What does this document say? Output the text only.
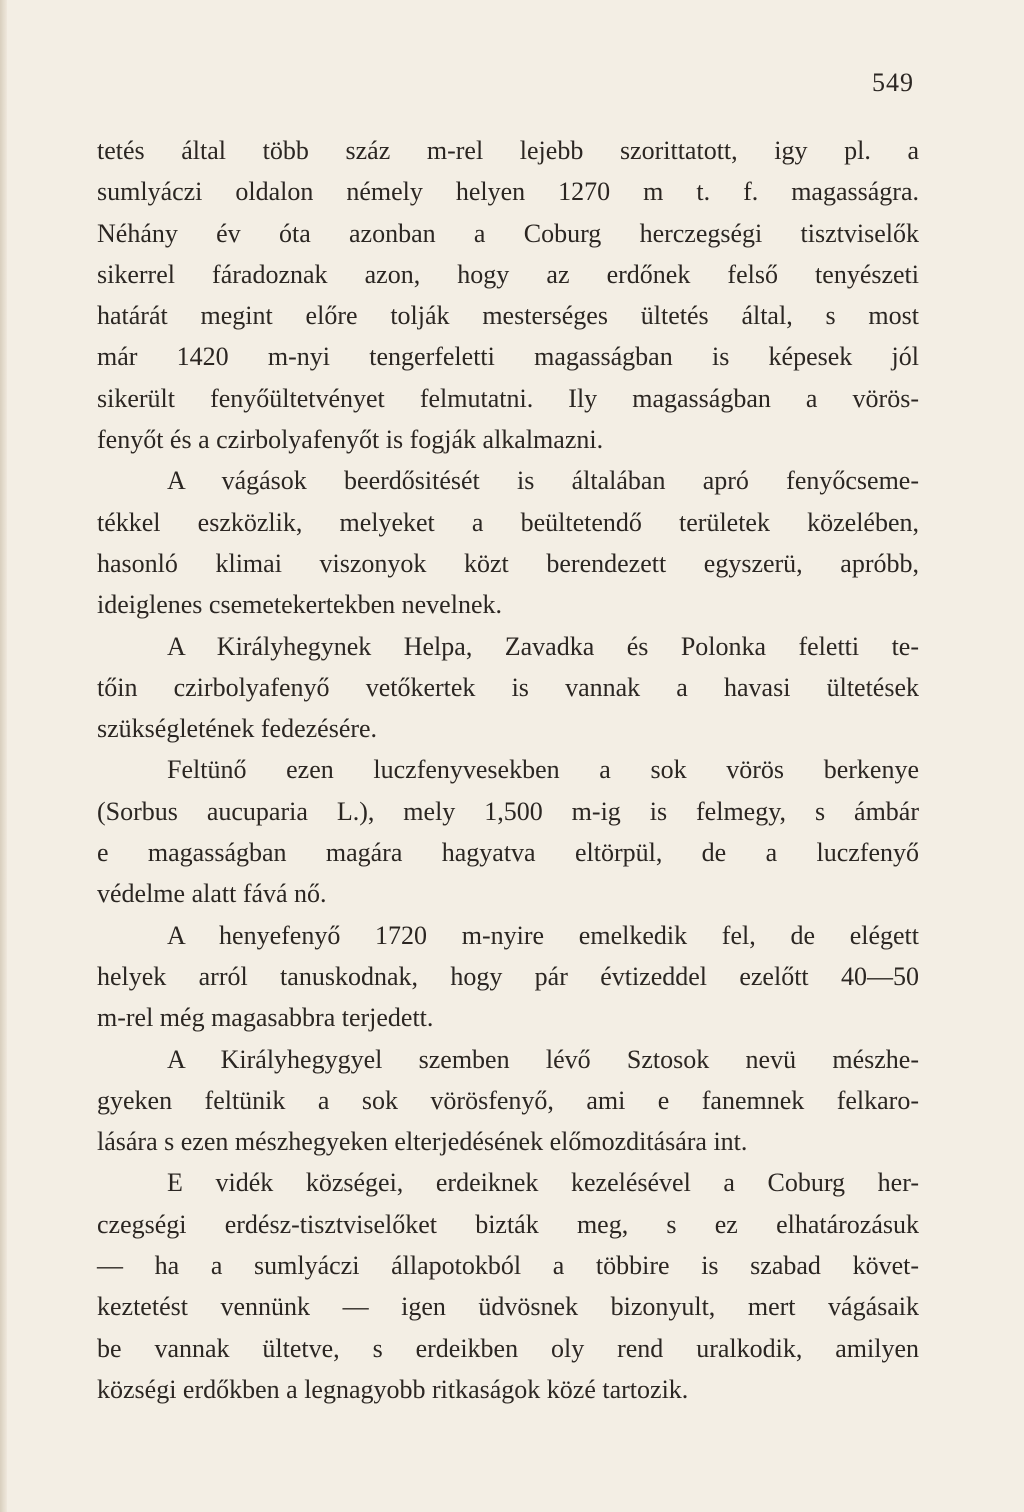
549
tetés által több száz m-rel lejebb szorittatott, igy pl. a
sumlyáczi oldalon némely helyen 1270 m t. f. magasságra.
Néhány év óta azonban a Coburg herczegségi tisztviselők
sikerrel fáradoznak azon, hogy az erdőnek felső tenyészeti
határát megint előre tolják mesterséges ültetés által, s most
már 1420 m-nyi tengerfeletti magasságban is képesek jól
sikerült fenyőültetvényet felmutatni. Ily magasságban a vörös-
fenyőt és a czirbolyafenyőt is fogják alkalmazni.
A vágások beerdősitését is általában apró fenyőcseme-
tékkel eszközlik, melyeket a beültetendő területek közelében,
hasonló klimai viszonyok közt berendezett egyszerü, apróbb,
ideiglenes csemetekertekben nevelnek.
A Királyhegynek Helpa, Zavadka és Polonka feletti te-
tőin czirbolyafenyő vetőkertek is vannak a havasi ültetések
szükségletének fedezésére.
Feltünő ezen luczfenyvesekben a sok vörös berkenye
(Sorbus aucuparia L.), mely 1,500 m-ig is felmegy, s ámbár
e magasságban magára hagyatva eltörpül, de a luczfenyő
védelme alatt fává nő.
A henyefenyő 1720 m-nyire emelkedik fel, de elégett
helyek arról tanuskodnak, hogy pár évtizeddel ezelőtt 40—50
m-rel még magasabbra terjedett.
A Királyhegygyel szemben lévő Sztosok nevü mészhe-
gyeken feltünik a sok vörösfenyő, ami e fanemnek felkaro-
lására s ezen mészhegyeken elterjedésének előmozditására int.
E vidék községei, erdeiknek kezelésével a Coburg her-
czegségi erdész-tisztviselőket bizták meg, s ez elhatározásuk
— ha a sumlyáczi állapotokból a többire is szabad követ-
keztetést vennünk — igen üdvösnek bizonyult, mert vágásaik
be vannak ültetve, s erdeikben oly rend uralkodik, amilyen
községi erdőkben a legnagyobb ritkaságok közé tartozik.
